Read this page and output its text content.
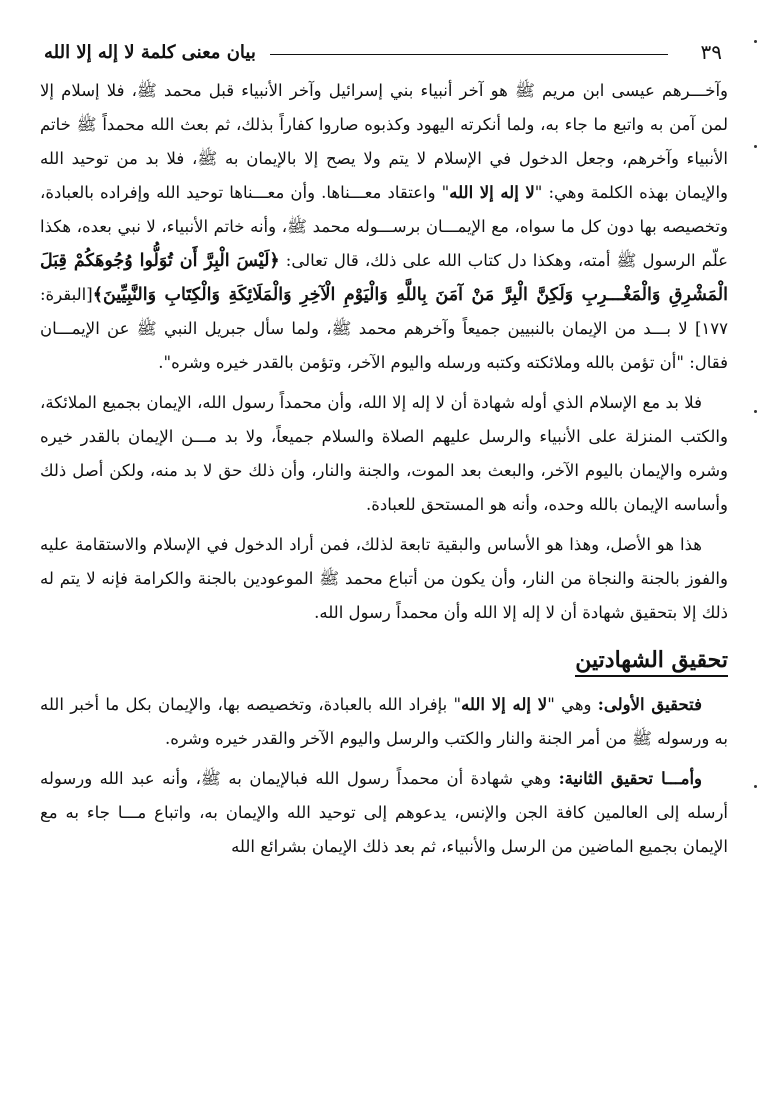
٣٩
بيان معنى كلمة لا إله إلا الله

وآخـــرهم عيسى ابن مريم ﷺ هو آخر أنبياء بني إسرائيل وآخر الأنبياء قبل محمد ﷺ، فلا إسلام إلا لمن آمن به واتبع ما جاء به، ولما أنكرته اليهود وكذبوه صاروا كفاراً بذلك، ثم بعث الله محمداً ﷺ خاتم الأنبياء وآخرهم، وجعل الدخول في الإسلام لا يتم ولا يصح إلا بالإيمان به ﷺ، فلا بد من توحيد الله والإيمان بهذه الكلمة وهي: "لا إله إلا الله" واعتقاد معـــناها. وأن معـــناها توحيد الله وإفراده بالعبادة، وتخصيصه بها دون كل ما سواه، مع الإيمـــان برســـوله محمد ﷺ، وأنه خاتم الأنبياء، لا نبي بعده، هكذا علّم الرسول ﷺ أمته، وهكذا دل كتاب الله على ذلك، قال تعالى: ﴿لَيْسَ الْبِرَّ أَن تُوَلُّوا وُجُوهَكُمْ قِبَلَ الْمَشْرِقِ وَالْمَغْـــرِبِ وَلَكِنَّ الْبِرَّ مَنْ آمَنَ بِاللَّهِ وَالْيَوْمِ الْآخِرِ وَالْمَلَائِكَةِ وَالْكِتَابِ وَالنَّبِيِّينَ﴾[البقرة: ١٧٧] لا بـــد من الإيمان بالنبيين جميعاً وآخرهم محمد ﷺ، ولما سأل جبريل النبي ﷺ عن الإيمـــان فقال: "أن تؤمن بالله وملائكته وكتبه ورسله واليوم الآخر، وتؤمن بالقدر خيره وشره".

فلا بد مع الإسلام الذي أوله شهادة أن لا إله إلا الله، وأن محمداً رسول الله، الإيمان بجميع الملائكة، والكتب المنزلة على الأنبياء والرسل عليهم الصلاة والسلام جميعاً، ولا بد مـــن الإيمان بالقدر خيره وشره والإيمان باليوم الآخر، والبعث بعد الموت، والجنة والنار، وأن ذلك حق لا بد منه، ولكن أصل ذلك وأساسه الإيمان بالله وحده، وأنه هو المستحق للعبادة.

هذا هو الأصل، وهذا هو الأساس والبقية تابعة لذلك، فمن أراد الدخول في الإسلام والاستقامة عليه والفوز بالجنة والنجاة من النار، وأن يكون من أتباع محمد ﷺ الموعودين بالجنة والكرامة فإنه لا يتم له ذلك إلا بتحقيق شهادة أن لا إله إلا الله وأن محمداً رسول الله.

تحقيق الشهادتين

فتحقيق الأولى: وهي "لا إله إلا الله" بإفراد الله بالعبادة، وتخصيصه بها، والإيمان بكل ما أخبر الله به ورسوله ﷺ من أمر الجنة والنار والكتب والرسل واليوم الآخر والقدر خيره وشره.

وأمـــا تحقيق الثانية: وهي شهادة أن محمداً رسول الله فبالإيمان به ﷺ، وأنه عبد الله ورسوله أرسله إلى العالمين كافة الجن والإنس، يدعوهم إلى توحيد الله والإيمان به، واتباع مـــا جاء به مع الإيمان بجميع الماضين من الرسل والأنبياء، ثم بعد ذلك الإيمان بشرائع الله
